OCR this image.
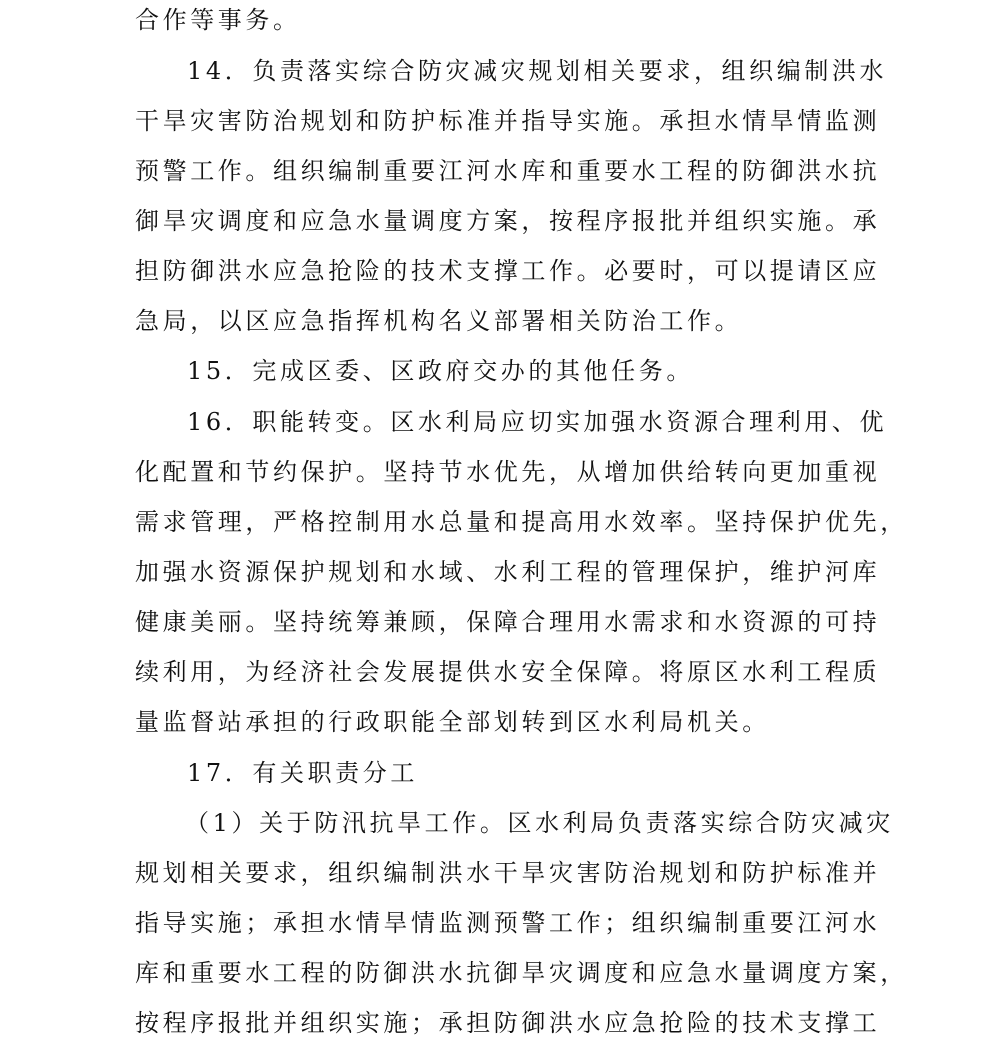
合作等事务。
14．负责落实综合防灾减灾规划相关要求，组织编制洪水
干旱灾害防治规划和防护标准并指导实施。承担水情旱情监测
预警工作。组织编制重要江河水库和重要水工程的防御洪水抗
御旱灾调度和应急水量调度方案，按程序报批并组织实施。承
担防御洪水应急抢险的技术支撑工作。必要时，可以提请区应
急局，以区应急指挥机构名义部署相关防治工作。
15．完成区委、区政府交办的其他任务。
16．职能转变。区水利局应切实加强水资源合理利用、优
化配置和节约保护。坚持节水优先，从增加供给转向更加重视
需求管理，严格控制用水总量和提高用水效率。坚持保护优先，
加强水资源保护规划和水域、水利工程的管理保护，维护河库
健康美丽。坚持统筹兼顾，保障合理用水需求和水资源的可持
续利用，为经济社会发展提供水安全保障。将原区水利工程质
量监督站承担的行政职能全部划转到区水利局机关。
17．有关职责分工
（1）关于防汛抗旱工作。区水利局负责落实综合防灾减灾
规划相关要求，组织编制洪水干旱灾害防治规划和防护标准并
指导实施；承担水情旱情监测预警工作；组织编制重要江河水
库和重要水工程的防御洪水抗御旱灾调度和应急水量调度方案，
按程序报批并组织实施；承担防御洪水应急抢险的技术支撑工
